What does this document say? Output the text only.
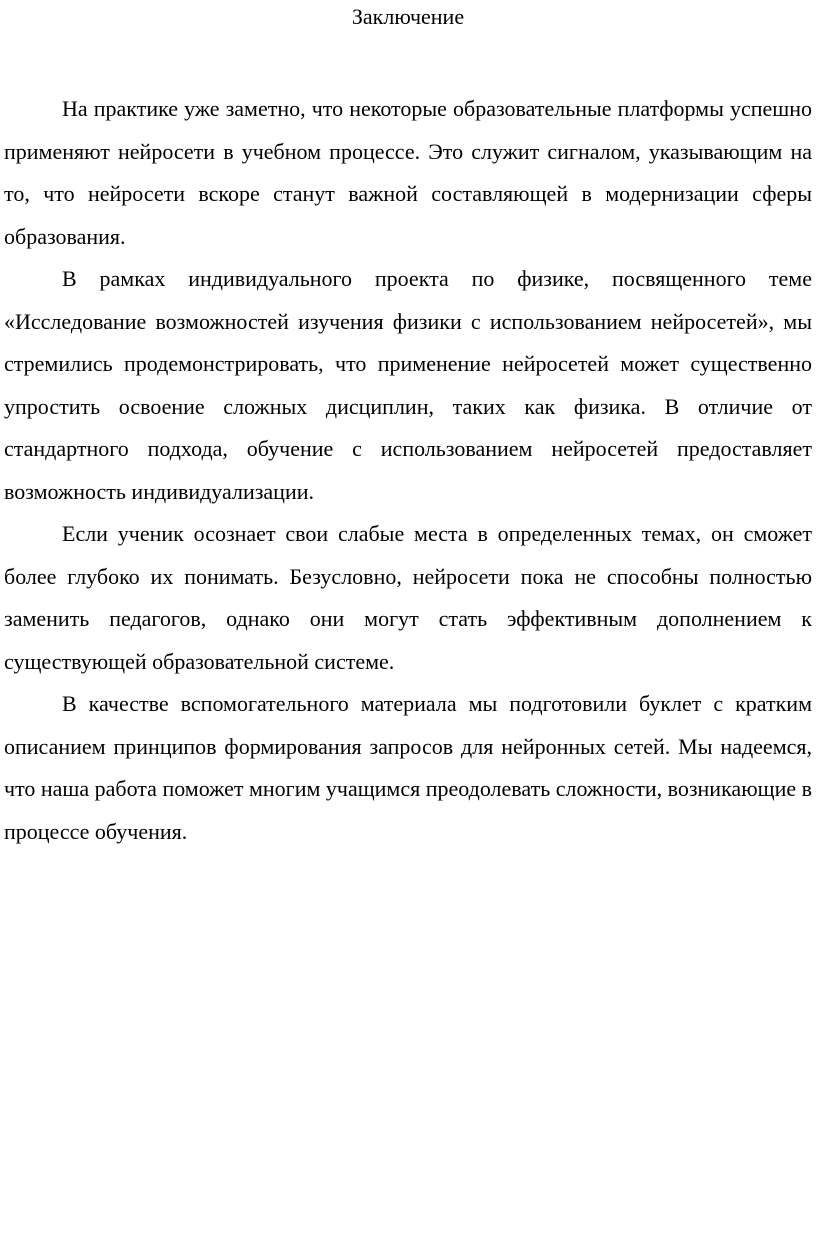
Заключение

На практике уже заметно, что некоторые образовательные платформы успешно применяют нейросети в учебном процессе. Это служит сигналом, указывающим на то, что нейросети вскоре станут важной составляющей в модернизации сферы образования.

В рамках индивидуального проекта по физике, посвященного теме «Исследование возможностей изучения физики с использованием нейросетей», мы стремились продемонстрировать, что применение нейросетей может существенно упростить освоение сложных дисциплин, таких как физика. В отличие от стандартного подхода, обучение с использованием нейросетей предоставляет возможность индивидуализации.

Если ученик осознает свои слабые места в определенных темах, он сможет более глубоко их понимать. Безусловно, нейросети пока не способны полностью заменить педагогов, однако они могут стать эффективным дополнением к существующей образовательной системе.

В качестве вспомогательного материала мы подготовили буклет с кратким описанием принципов формирования запросов для нейронных сетей. Мы надеемся, что наша работа поможет многим учащимся преодолевать сложности, возникающие в процессе обучения.
